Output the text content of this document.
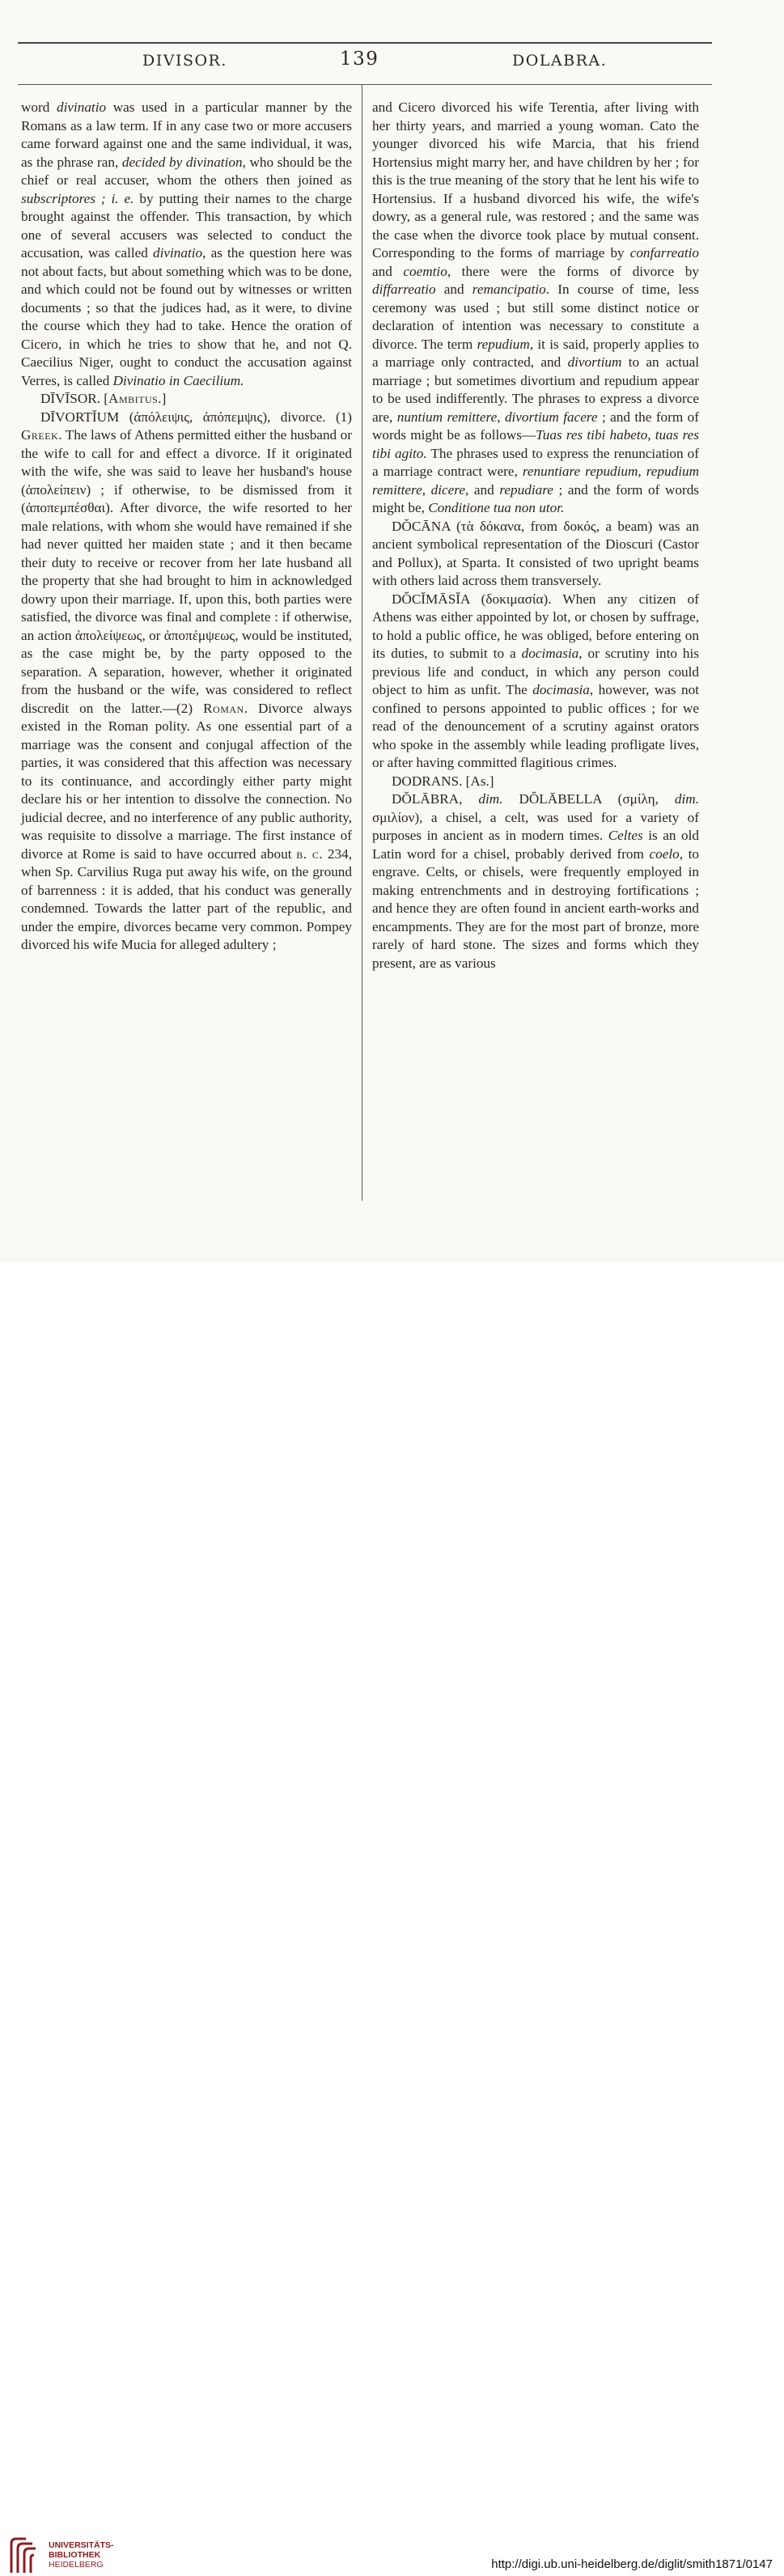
DIVISOR.	139	DOLABRA.

word divinatio was used in a particular manner by the Romans as a law term. If in any case two or more accusers came forward against one and the same individual, it was, as the phrase ran, decided by divination, who should be the chief or real accuser, whom the others then joined as subscriptores ; i. e. by putting their names to the charge brought against the offender. This transaction, by which one of several accusers was selected to conduct the accusation, was called divinatio, as the question here was not about facts, but about something which was to be done, and which could not be found out by witnesses or written documents ; so that the judices had, as it were, to divine the course which they had to take. Hence the oration of Cicero, in which he tries to show that he, and not Q. Caecilius Niger, ought to conduct the accusation against Verres, is called Divinatio in Caecilium.

DĪVĪSOR. [Ambitus.]

DĪVORTĬUM (ἀπόλειψις, ἀπόπεμψις), divorce. (1) Greek. The laws of Athens permitted either the husband or the wife to call for and effect a divorce. If it originated with the wife, she was said to leave her husband's house (ἀπολείπειν) ; if otherwise, to be dismissed from it (ἀποπεμπέσθαι). After divorce, the wife resorted to her male relations, with whom she would have remained if she had never quitted her maiden state ; and it then became their duty to receive or recover from her late husband all the property that she had brought to him in acknowledged dowry upon their marriage. If, upon this, both parties were satisfied, the divorce was final and complete : if otherwise, an action ἀπολείψεως, or ἀποπέμψεως, would be instituted, as the case might be, by the party opposed to the separation. A separation, however, whether it originated from the husband or the wife, was considered to reflect discredit on the latter.—(2) Roman. Divorce always existed in the Roman polity. As one essential part of a marriage was the consent and conjugal affection of the parties, it was considered that this affection was necessary to its continuance, and accordingly either party might declare his or her intention to dissolve the connection. No judicial decree, and no interference of any public authority, was requisite to dissolve a marriage. The first instance of divorce at Rome is said to have occurred about b. c. 234, when Sp. Carvilius Ruga put away his wife, on the ground of barrenness : it is added, that his conduct was generally condemned. Towards the latter part of the republic, and under the empire, divorces became very common. Pompey divorced his wife Mucia for alleged adultery ;

and Cicero divorced his wife Terentia, after living with her thirty years, and married a young woman. Cato the younger divorced his wife Marcia, that his friend Hortensius might marry her, and have children by her ; for this is the true meaning of the story that he lent his wife to Hortensius. If a husband divorced his wife, the wife's dowry, as a general rule, was restored ; and the same was the case when the divorce took place by mutual consent. Corresponding to the forms of marriage by confarreatio and coemtio, there were the forms of divorce by diffarreatio and remancipatio. In course of time, less ceremony was used ; but still some distinct notice or declaration of intention was necessary to constitute a divorce. The term repudium, it is said, properly applies to a marriage only contracted, and divortium to an actual marriage ; but sometimes divortium and repudium appear to be used indifferently. The phrases to express a divorce are, nuntium remittere, divortium facere ; and the form of words might be as follows—Tuas res tibi habeto, tuas res tibi agito. The phrases used to express the renunciation of a marriage contract were, renuntiare repudium, repudium remittere, dicere, and repudiare ; and the form of words might be, Conditione tua non utor.

DŎCĀNA (τὰ δόκανα, from δοκός, a beam) was an ancient symbolical representation of the Dioscuri (Castor and Pollux), at Sparta. It consisted of two upright beams with others laid across them transversely.

DŎCĬMĀSĬA (δοκιμασία). When any citizen of Athens was either appointed by lot, or chosen by suffrage, to hold a public office, he was obliged, before entering on its duties, to submit to a docimasia, or scrutiny into his previous life and conduct, in which any person could object to him as unfit. The docimasia, however, was not confined to persons appointed to public offices ; for we read of the denouncement of a scrutiny against orators who spoke in the assembly while leading profligate lives, or after having committed flagitious crimes.

DODRANS. [As.]

DŎLĀBRA, dim. DŎLĀBELLA (σμίλη, dim. σμιλίον), a chisel, a celt, was used for a variety of purposes in ancient as in modern times. Celtes is an old Latin word for a chisel, probably derived from coelo, to engrave. Celts, or chisels, were frequently employed in making entrenchments and in destroying fortifications ; and hence they are often found in ancient earth-works and encampments. They are for the most part of bronze, more rarely of hard stone. The sizes and forms which they present, are as various

UNIVERSITÄTS-
BIBLIOTHEK
HEIDELBERG	http://digi.ub.uni-heidelberg.de/diglit/smith1871/0147
